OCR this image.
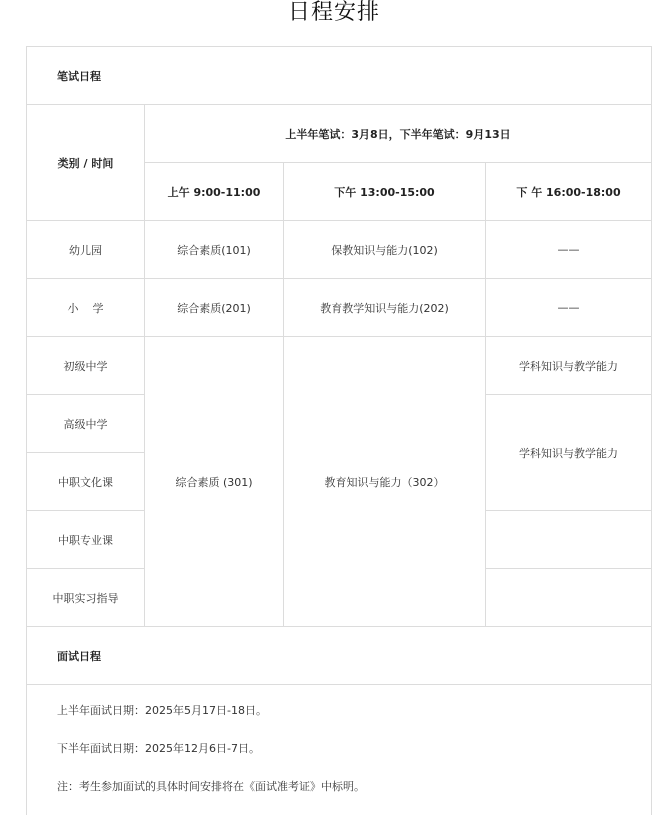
日程安排
笔试日程			
类别 / 时间	上半年笔试：3月8日，下半年笔试：9月13日		
	上午 9:00-11:00	下午 13:00-15:00	下 午 16:00-18:00
幼儿园	综合素质(101)	保教知识与能力(102)	——
小    学	综合素质(201)	教育教学知识与能力(202)	——
初级中学	综合素质 (301)	教育知识与能力（302）	学科知识与教学能力
高级中学			学科知识与教学能力
中职文化课			
中职专业课			
中职实习指导			
面试日程			

上半年面试日期：2025年5月17日-18日。
下半年面试日期：2025年12月6日-7日。
注：考生参加面试的具体时间安排将在《面试准考证》中标明。			
